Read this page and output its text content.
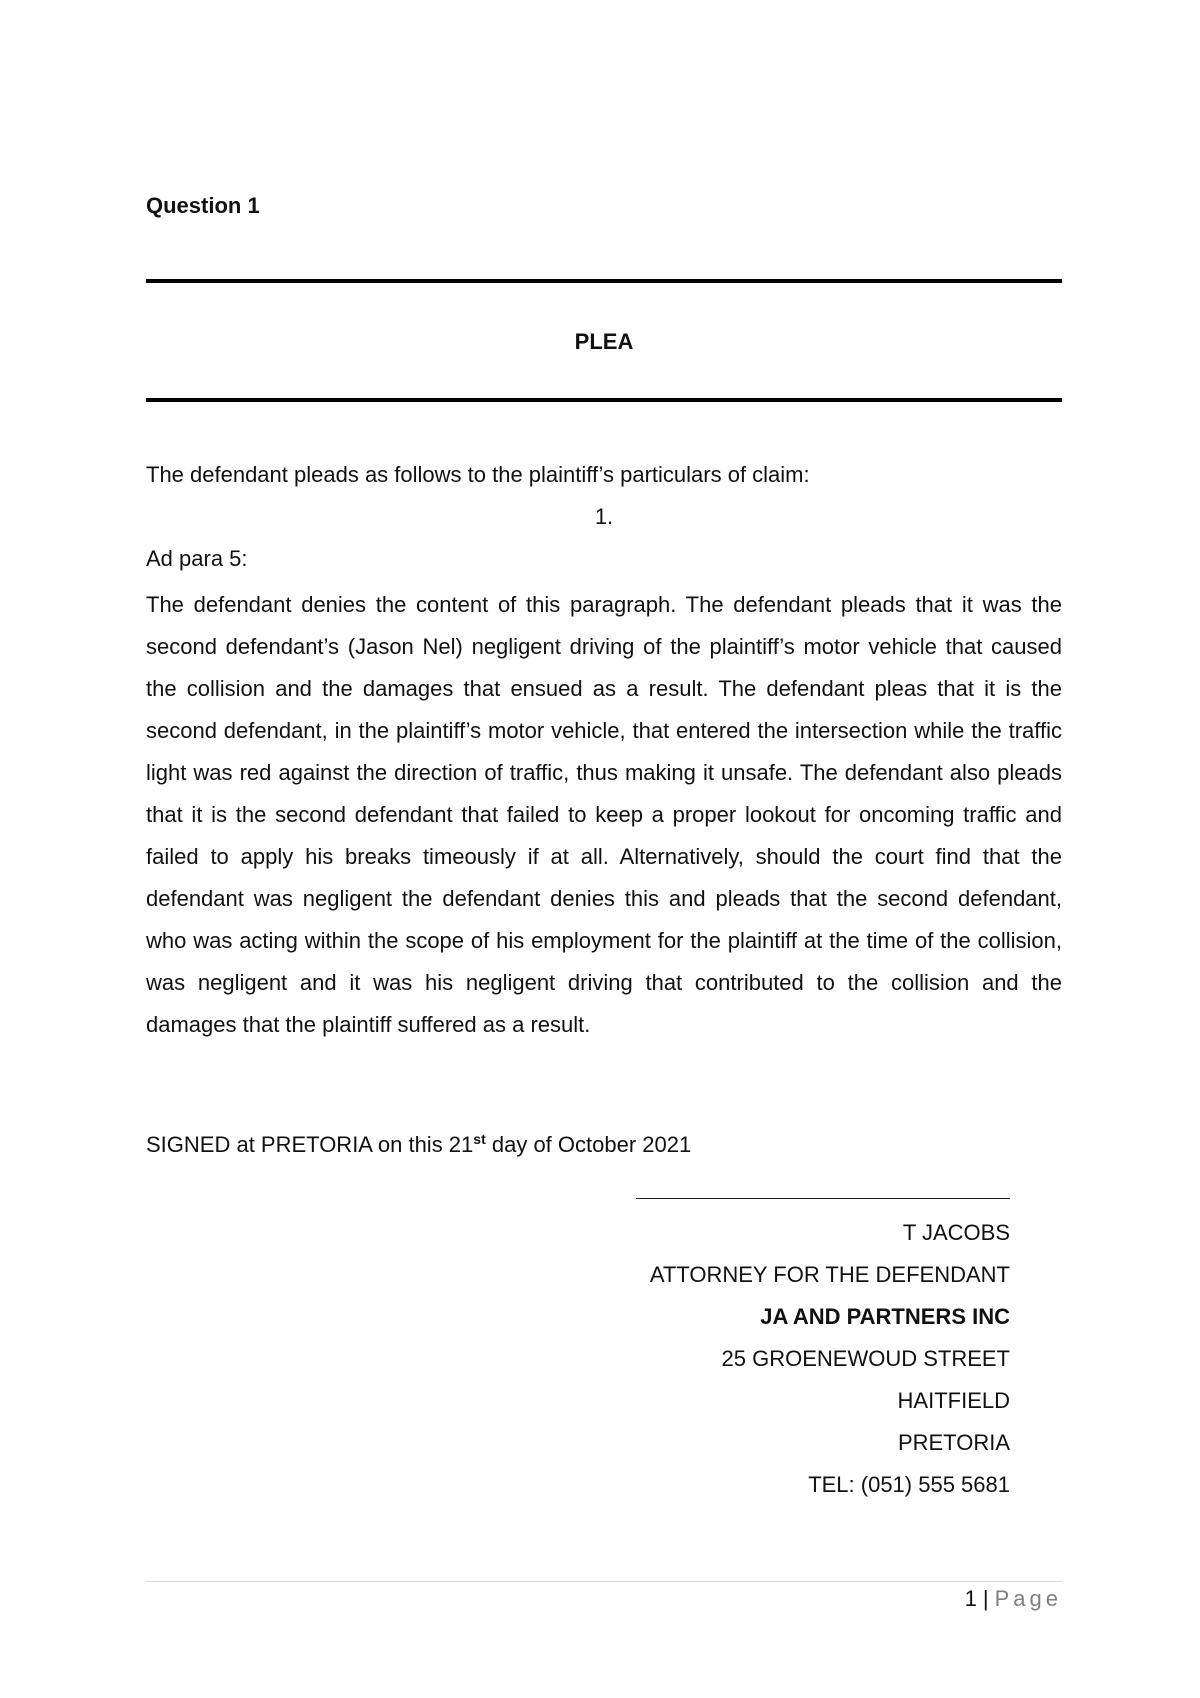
Question 1
PLEA
The defendant pleads as follows to the plaintiff’s particulars of claim:
1.
Ad para 5:

The defendant denies the content of this paragraph. The defendant pleads that it was the second defendant’s (Jason Nel) negligent driving of the plaintiff’s motor vehicle that caused the collision and the damages that ensued as a result. The defendant pleas that it is the second defendant, in the plaintiff’s motor vehicle, that entered the intersection while the traffic light was red against the direction of traffic, thus making it unsafe. The defendant also pleads that it is the second defendant that failed to keep a proper lookout for oncoming traffic and failed to apply his breaks timeously if at all. Alternatively, should the court find that the defendant was negligent the defendant denies this and pleads that the second defendant, who was acting within the scope of his employment for the plaintiff at the time of the collision, was negligent and it was his negligent driving that contributed to the collision and the damages that the plaintiff suffered as a result.

SIGNED at PRETORIA on this 21st day of October 2021
T JACOBS
ATTORNEY FOR THE DEFENDANT
JA AND PARTNERS INC
25 GROENEWOUD STREET
HAITFIELD
PRETORIA
TEL: (051) 555 5681
1 | Page
